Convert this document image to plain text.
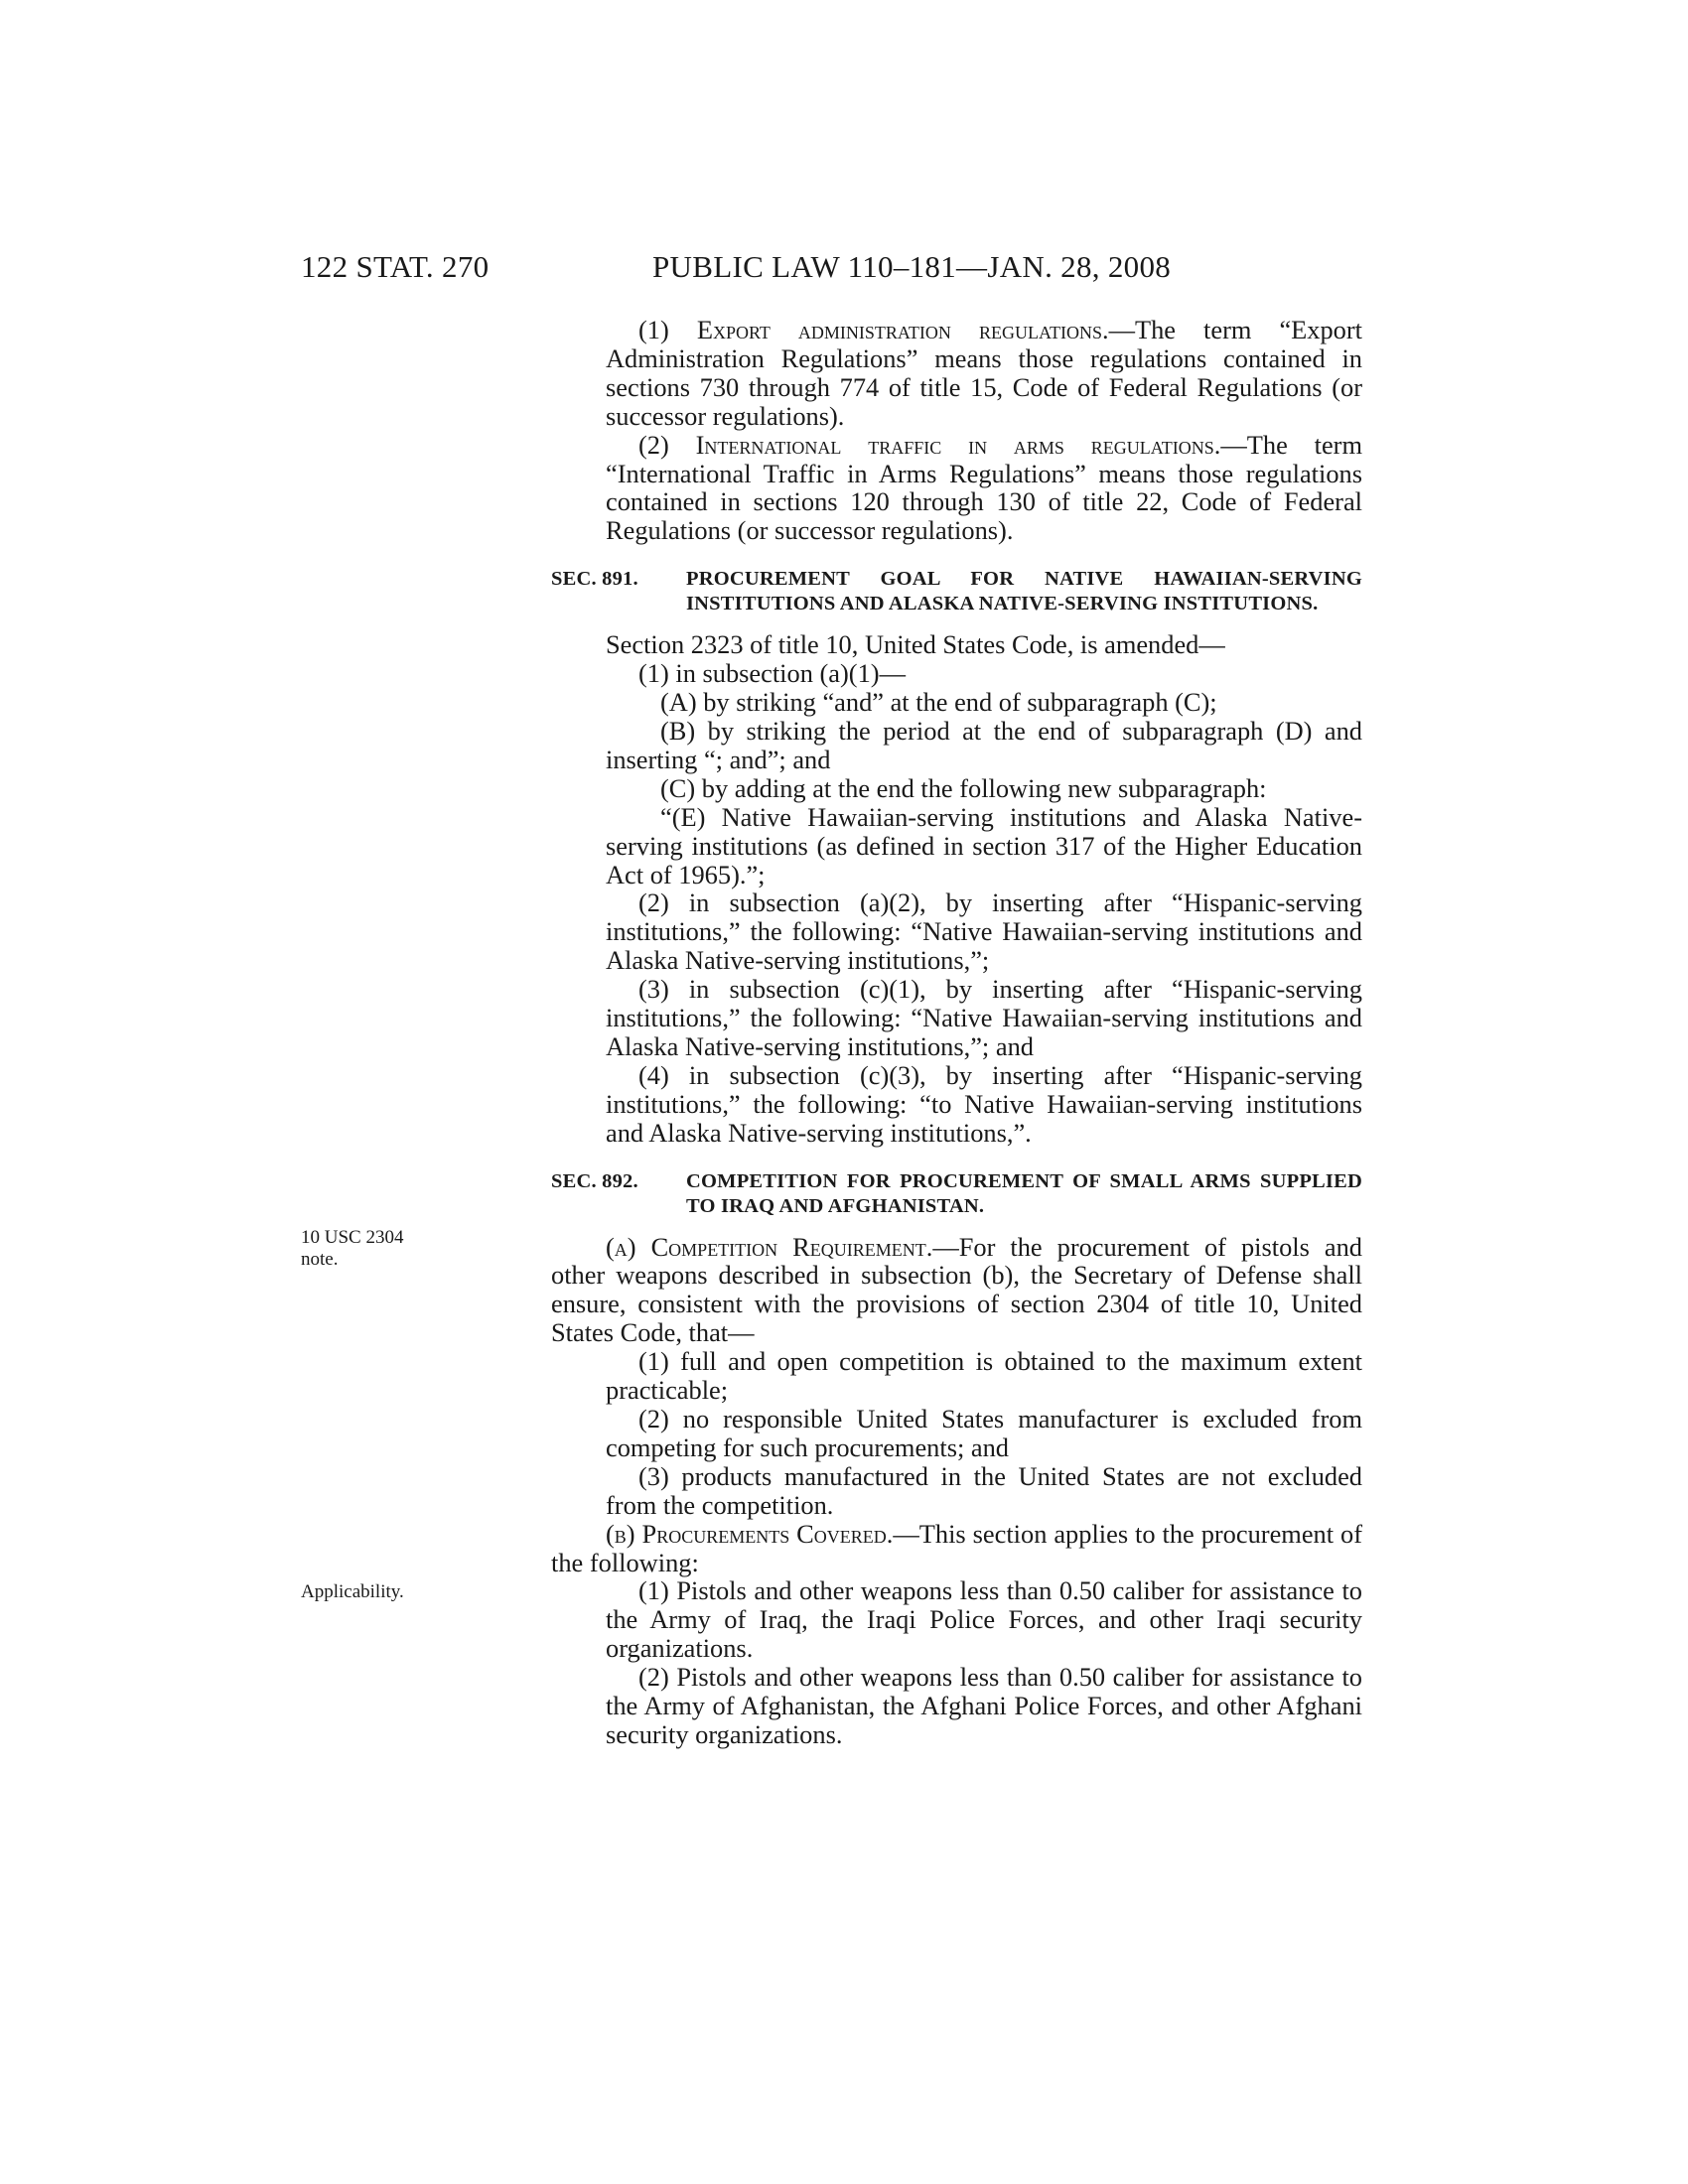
122 STAT. 270	PUBLIC LAW 110–181—JAN. 28, 2008
10 USC 2304 note.
Applicability.

(1) Export administration regulations.—The term “Export Administration Regulations” means those regulations contained in sections 730 through 774 of title 15, Code of Federal Regulations (or successor regulations).

(2) International traffic in arms regulations.—The term “International Traffic in Arms Regulations” means those regulations contained in sections 120 through 130 of title 22, Code of Federal Regulations (or successor regulations).

SEC. 891. PROCUREMENT GOAL FOR NATIVE HAWAIIAN-SERVING INSTITUTIONS AND ALASKA NATIVE-SERVING INSTITUTIONS.

Section 2323 of title 10, United States Code, is amended—

(1) in subsection (a)(1)—

(A) by striking “and” at the end of subparagraph (C);

(B) by striking the period at the end of subparagraph (D) and inserting “; and”; and

(C) by adding at the end the following new subparagraph:

“(E) Native Hawaiian-serving institutions and Alaska Native-serving institutions (as defined in section 317 of the Higher Education Act of 1965).”;

(2) in subsection (a)(2), by inserting after “Hispanic-serving institutions,” the following: “Native Hawaiian-serving institutions and Alaska Native-serving institutions,”;

(3) in subsection (c)(1), by inserting after “Hispanic-serving institutions,” the following: “Native Hawaiian-serving institutions and Alaska Native-serving institutions,”; and

(4) in subsection (c)(3), by inserting after “Hispanic-serving institutions,” the following: “to Native Hawaiian-serving institutions and Alaska Native-serving institutions,”.

SEC. 892. COMPETITION FOR PROCUREMENT OF SMALL ARMS SUPPLIED TO IRAQ AND AFGHANISTAN.

(a) Competition Requirement.—For the procurement of pistols and other weapons described in subsection (b), the Secretary of Defense shall ensure, consistent with the provisions of section 2304 of title 10, United States Code, that—

(1) full and open competition is obtained to the maximum extent practicable;

(2) no responsible United States manufacturer is excluded from competing for such procurements; and

(3) products manufactured in the United States are not excluded from the competition.

(b) Procurements Covered.—This section applies to the procurement of the following:

(1) Pistols and other weapons less than 0.50 caliber for assistance to the Army of Iraq, the Iraqi Police Forces, and other Iraqi security organizations.

(2) Pistols and other weapons less than 0.50 caliber for assistance to the Army of Afghanistan, the Afghani Police Forces, and other Afghani security organizations.
